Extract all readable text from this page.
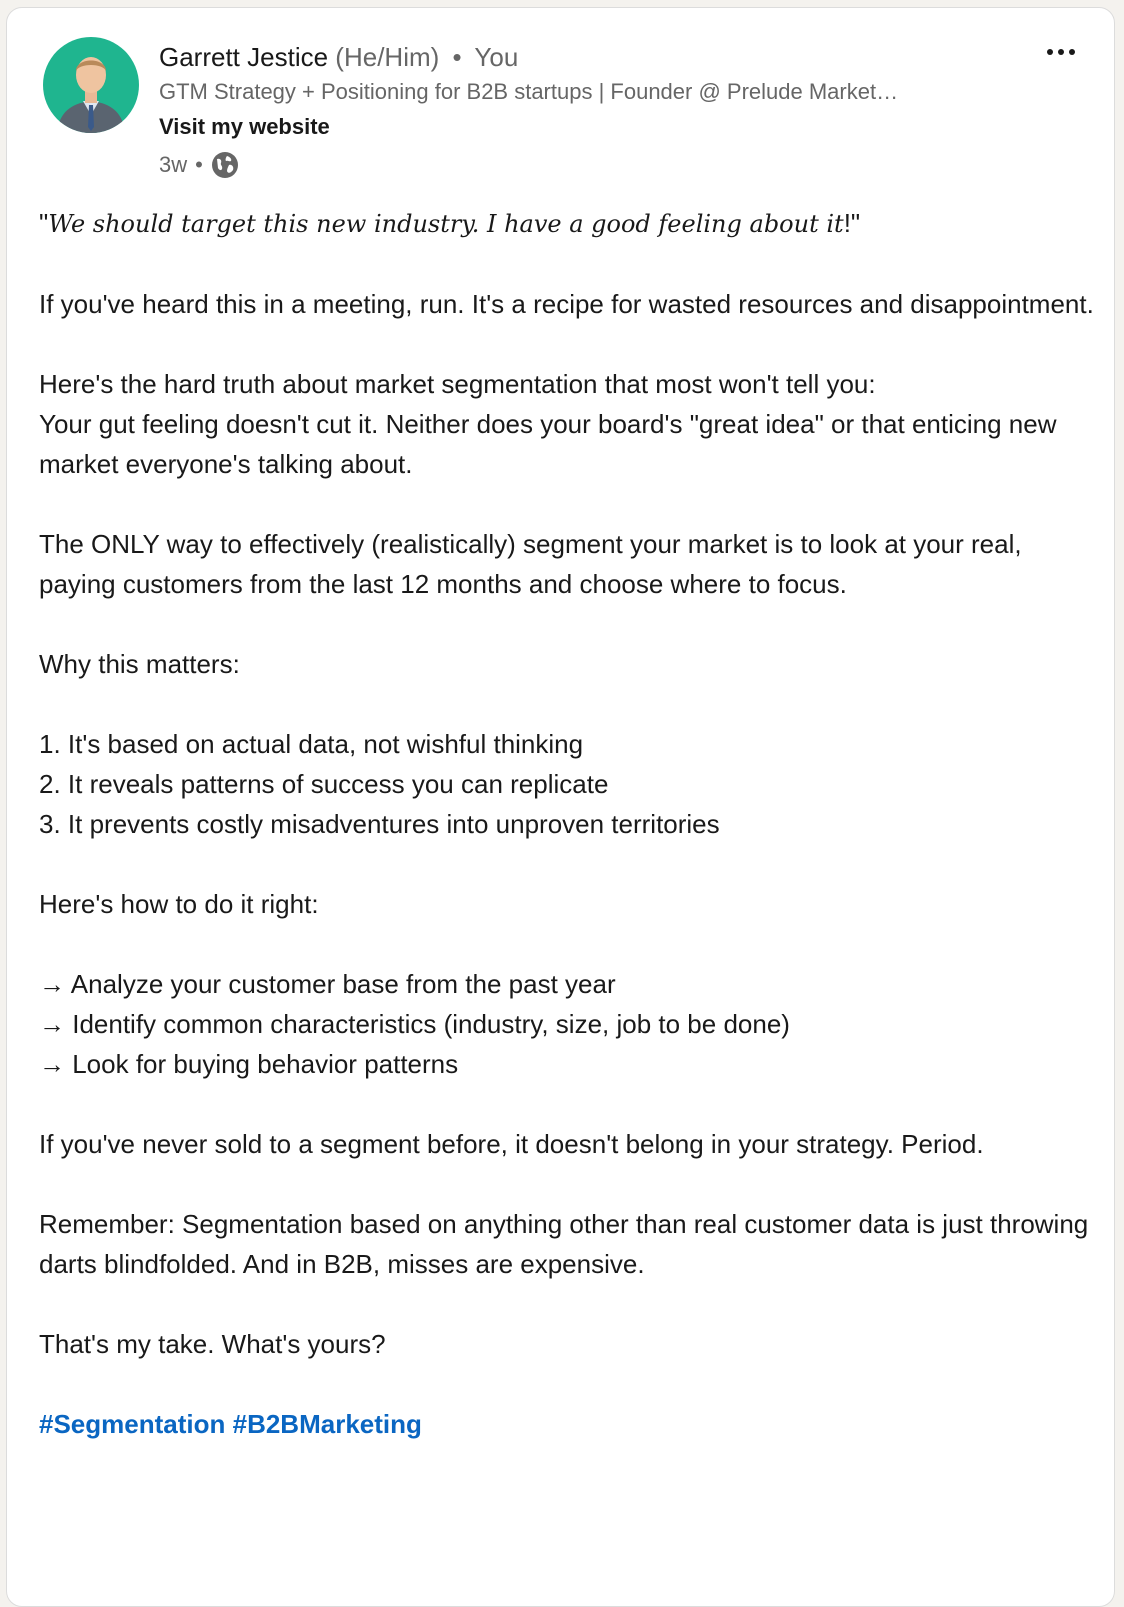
Garrett Jestice (He/Him) • You
GTM Strategy + Positioning for B2B startups | Founder @ Prelude Market…
Visit my website
3w •

"We should target this new industry. I have a good feeling about it!"

If you've heard this in a meeting, run. It's a recipe for wasted resources and disappointment.

Here's the hard truth about market segmentation that most won't tell you:

Your gut feeling doesn't cut it. Neither does your board's "great idea" or that enticing new market everyone's talking about.

The ONLY way to effectively (realistically) segment your market is to look at your real, paying customers from the last 12 months and choose where to focus.

Why this matters:

1. It's based on actual data, not wishful thinking

2. It reveals patterns of success you can replicate

3. It prevents costly misadventures into unproven territories

Here's how to do it right:

→ Analyze your customer base from the past year

→ Identify common characteristics (industry, size, job to be done)

→ Look for buying behavior patterns

If you've never sold to a segment before, it doesn't belong in your strategy. Period.

Remember: Segmentation based on anything other than real customer data is just throwing darts blindfolded. And in B2B, misses are expensive.

That's my take. What's yours?

#Segmentation #B2BMarketing
